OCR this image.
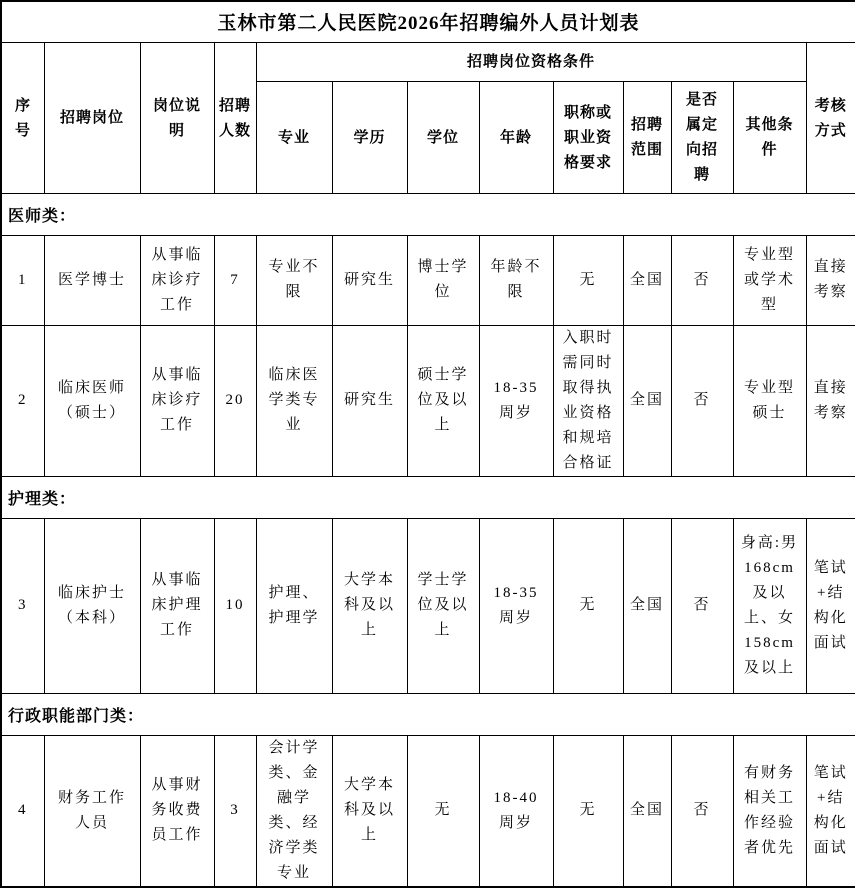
玉林市第二人民医院2026年招聘编外人员计划表												
序号	招聘岗位	岗位说明	招聘人数	招聘岗位资格条件								考核方式
				专业	学历	学位	年龄	职称或职业资格要求	招聘范围	是否属定向招聘	其他条件	
医师类：												
1	医学博士	从事临床诊疗工作	7	专业不限	研究生	博士学位	年龄不限	无	全国	否	专业型或学术型	直接考察
2	临床医师（硕士）	从事临床诊疗工作	20	临床医学类专业	研究生	硕士学位及以上	18-35周岁	入职时需同时取得执业资格和规培合格证	全国	否	专业型硕士	直接考察
护理类：												
3	临床护士（本科）	从事临床护理工作	10	护理、护理学	大学本科及以上	学士学位及以上	18-35周岁	无	全国	否	身高:男168cm及以上、女158cm及以上	笔试+结构化面试
行政职能部门类：												
4	财务工作人员	从事财务收费员工作	3	会计学类、金融学类、经济学类专业	大学本科及以上	无	18-40周岁	无	全国	否	有财务相关工作经验者优先	笔试+结构化面试
